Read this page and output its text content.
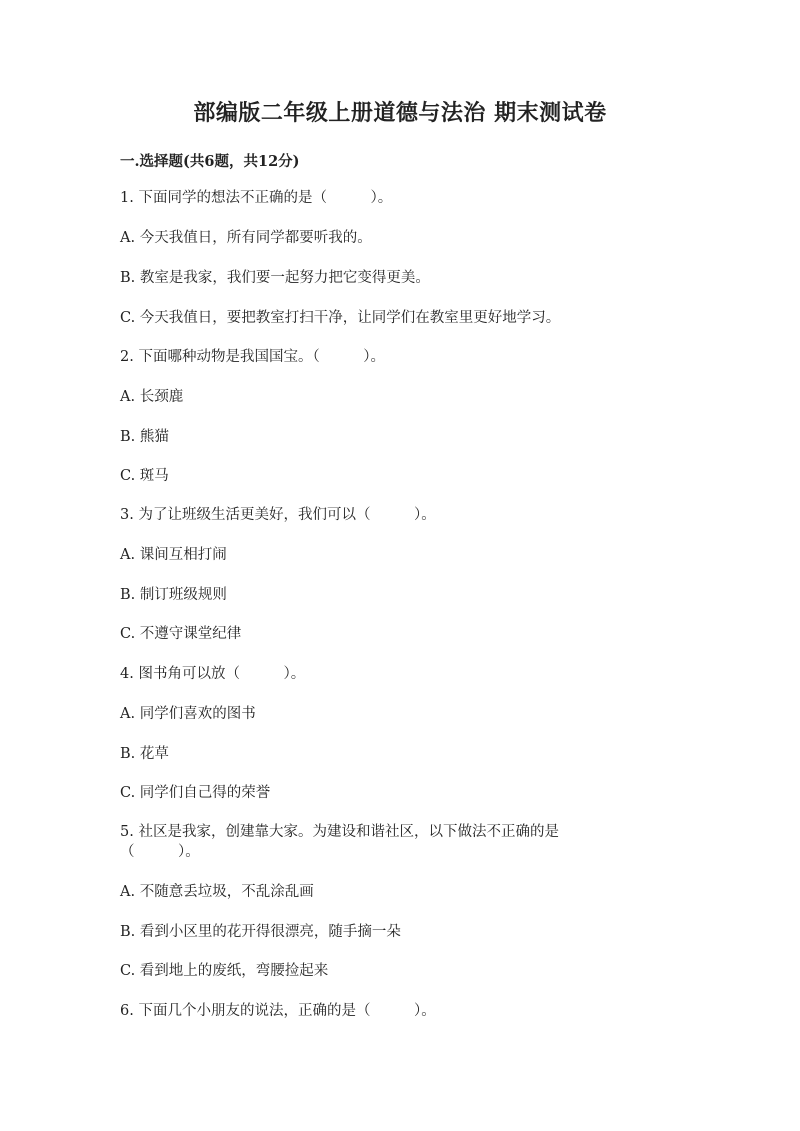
部编版二年级上册道德与法治 期末测试卷
一.选择题(共6题，共12分)
1. 下面同学的想法不正确的是（　　　）。
A. 今天我值日，所有同学都要听我的。
B. 教室是我家，我们要一起努力把它变得更美。
C. 今天我值日，要把教室打扫干净，让同学们在教室里更好地学习。
2. 下面哪种动物是我国国宝。（　　　）。
A. 长颈鹿
B. 熊猫
C. 斑马
3. 为了让班级生活更美好，我们可以（　　　）。
A. 课间互相打闹
B. 制订班级规则
C. 不遵守课堂纪律
4. 图书角可以放（　　　）。
A. 同学们喜欢的图书
B. 花草
C. 同学们自己得的荣誉
5. 社区是我家，创建靠大家。为建设和谐社区，以下做法不正确的是（　　　）。
A. 不随意丢垃圾，不乱涂乱画
B. 看到小区里的花开得很漂亮，随手摘一朵
C. 看到地上的废纸，弯腰捡起来
6. 下面几个小朋友的说法，正确的是（　　　）。
